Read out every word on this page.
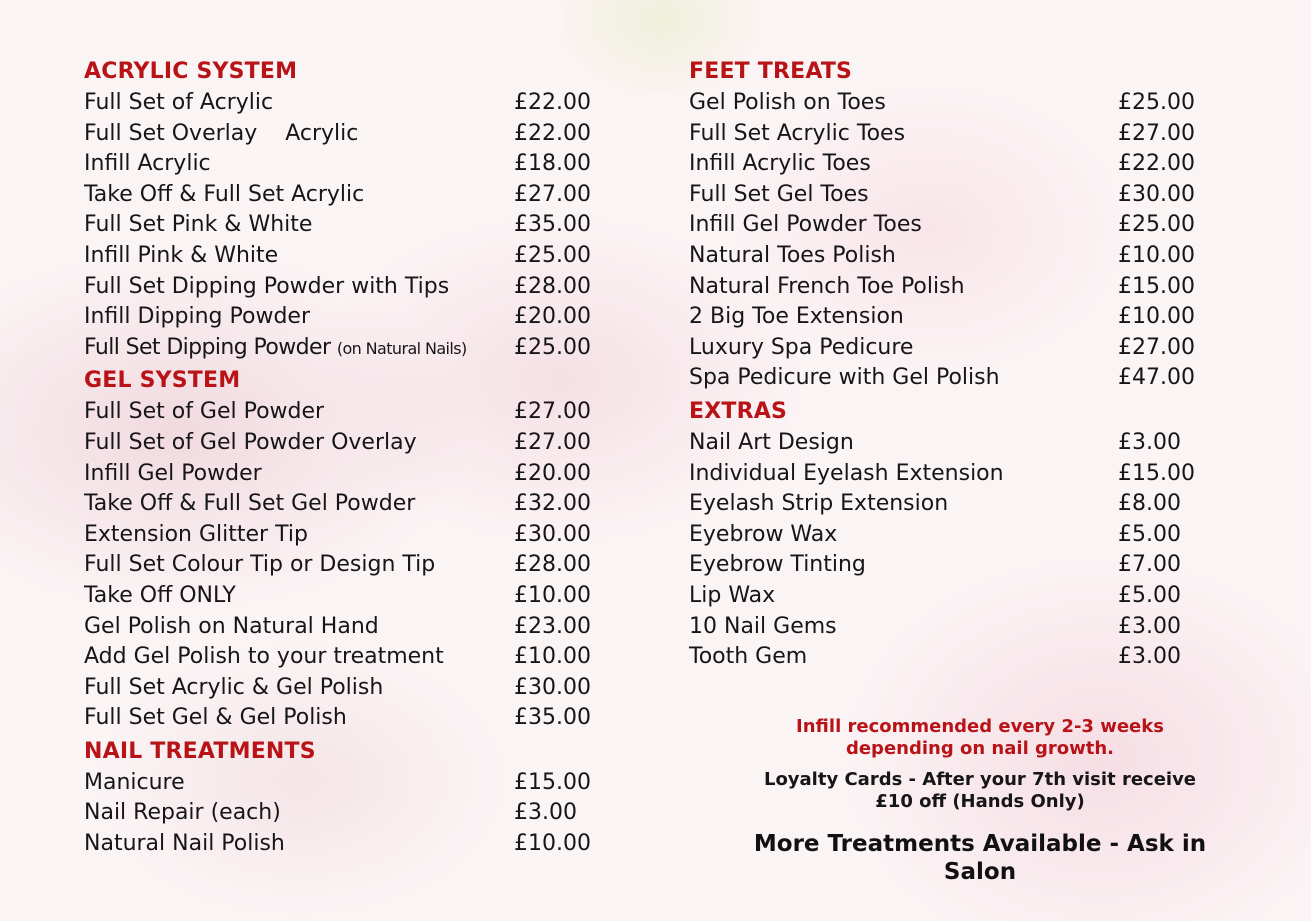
ACRYLIC SYSTEM
Full Set of Acrylic	£22.00
Full Set Overlay    Acrylic	£22.00
Infill Acrylic	£18.00
Take Off & Full Set Acrylic	£27.00
Full Set Pink & White	£35.00
Infill Pink & White	£25.00
Full Set Dipping Powder with Tips	£28.00
Infill Dipping Powder	£20.00
Full Set Dipping Powder (on Natural Nails) £25.00
GEL SYSTEM
Full Set of Gel Powder	£27.00
Full Set of Gel Powder Overlay	£27.00
Infill Gel Powder	£20.00
Take Off & Full Set Gel Powder	£32.00
Extension Glitter Tip	£30.00
Full Set Colour Tip or Design Tip	£28.00
Take Off ONLY	£10.00
Gel Polish on Natural Hand	£23.00
Add Gel Polish to your treatment	£10.00
Full Set Acrylic & Gel Polish	£30.00
Full Set Gel & Gel Polish	£35.00
NAIL TREATMENTS
Manicure	£15.00
Nail Repair (each)	£3.00
Natural Nail Polish	£10.00
FEET TREATS
Gel Polish on Toes	£25.00
Full Set Acrylic Toes	£27.00
Infill Acrylic Toes	£22.00
Full Set Gel Toes	£30.00
Infill Gel Powder Toes	£25.00
Natural Toes Polish	£10.00
Natural French Toe Polish	£15.00
2 Big Toe Extension	£10.00
Luxury Spa Pedicure	£27.00
Spa Pedicure with Gel Polish	£47.00
EXTRAS
Nail Art Design	£3.00
Individual Eyelash Extension	£15.00
Eyelash Strip Extension	£8.00
Eyebrow Wax	£5.00
Eyebrow Tinting	£7.00
Lip Wax	£5.00
10 Nail Gems	£3.00
Tooth Gem	£3.00

Infill recommended every 2-3 weeks
depending on nail growth.

Loyalty Cards - After your 7th visit receive
£10 off (Hands Only)

More Treatments Available - Ask in Salon
